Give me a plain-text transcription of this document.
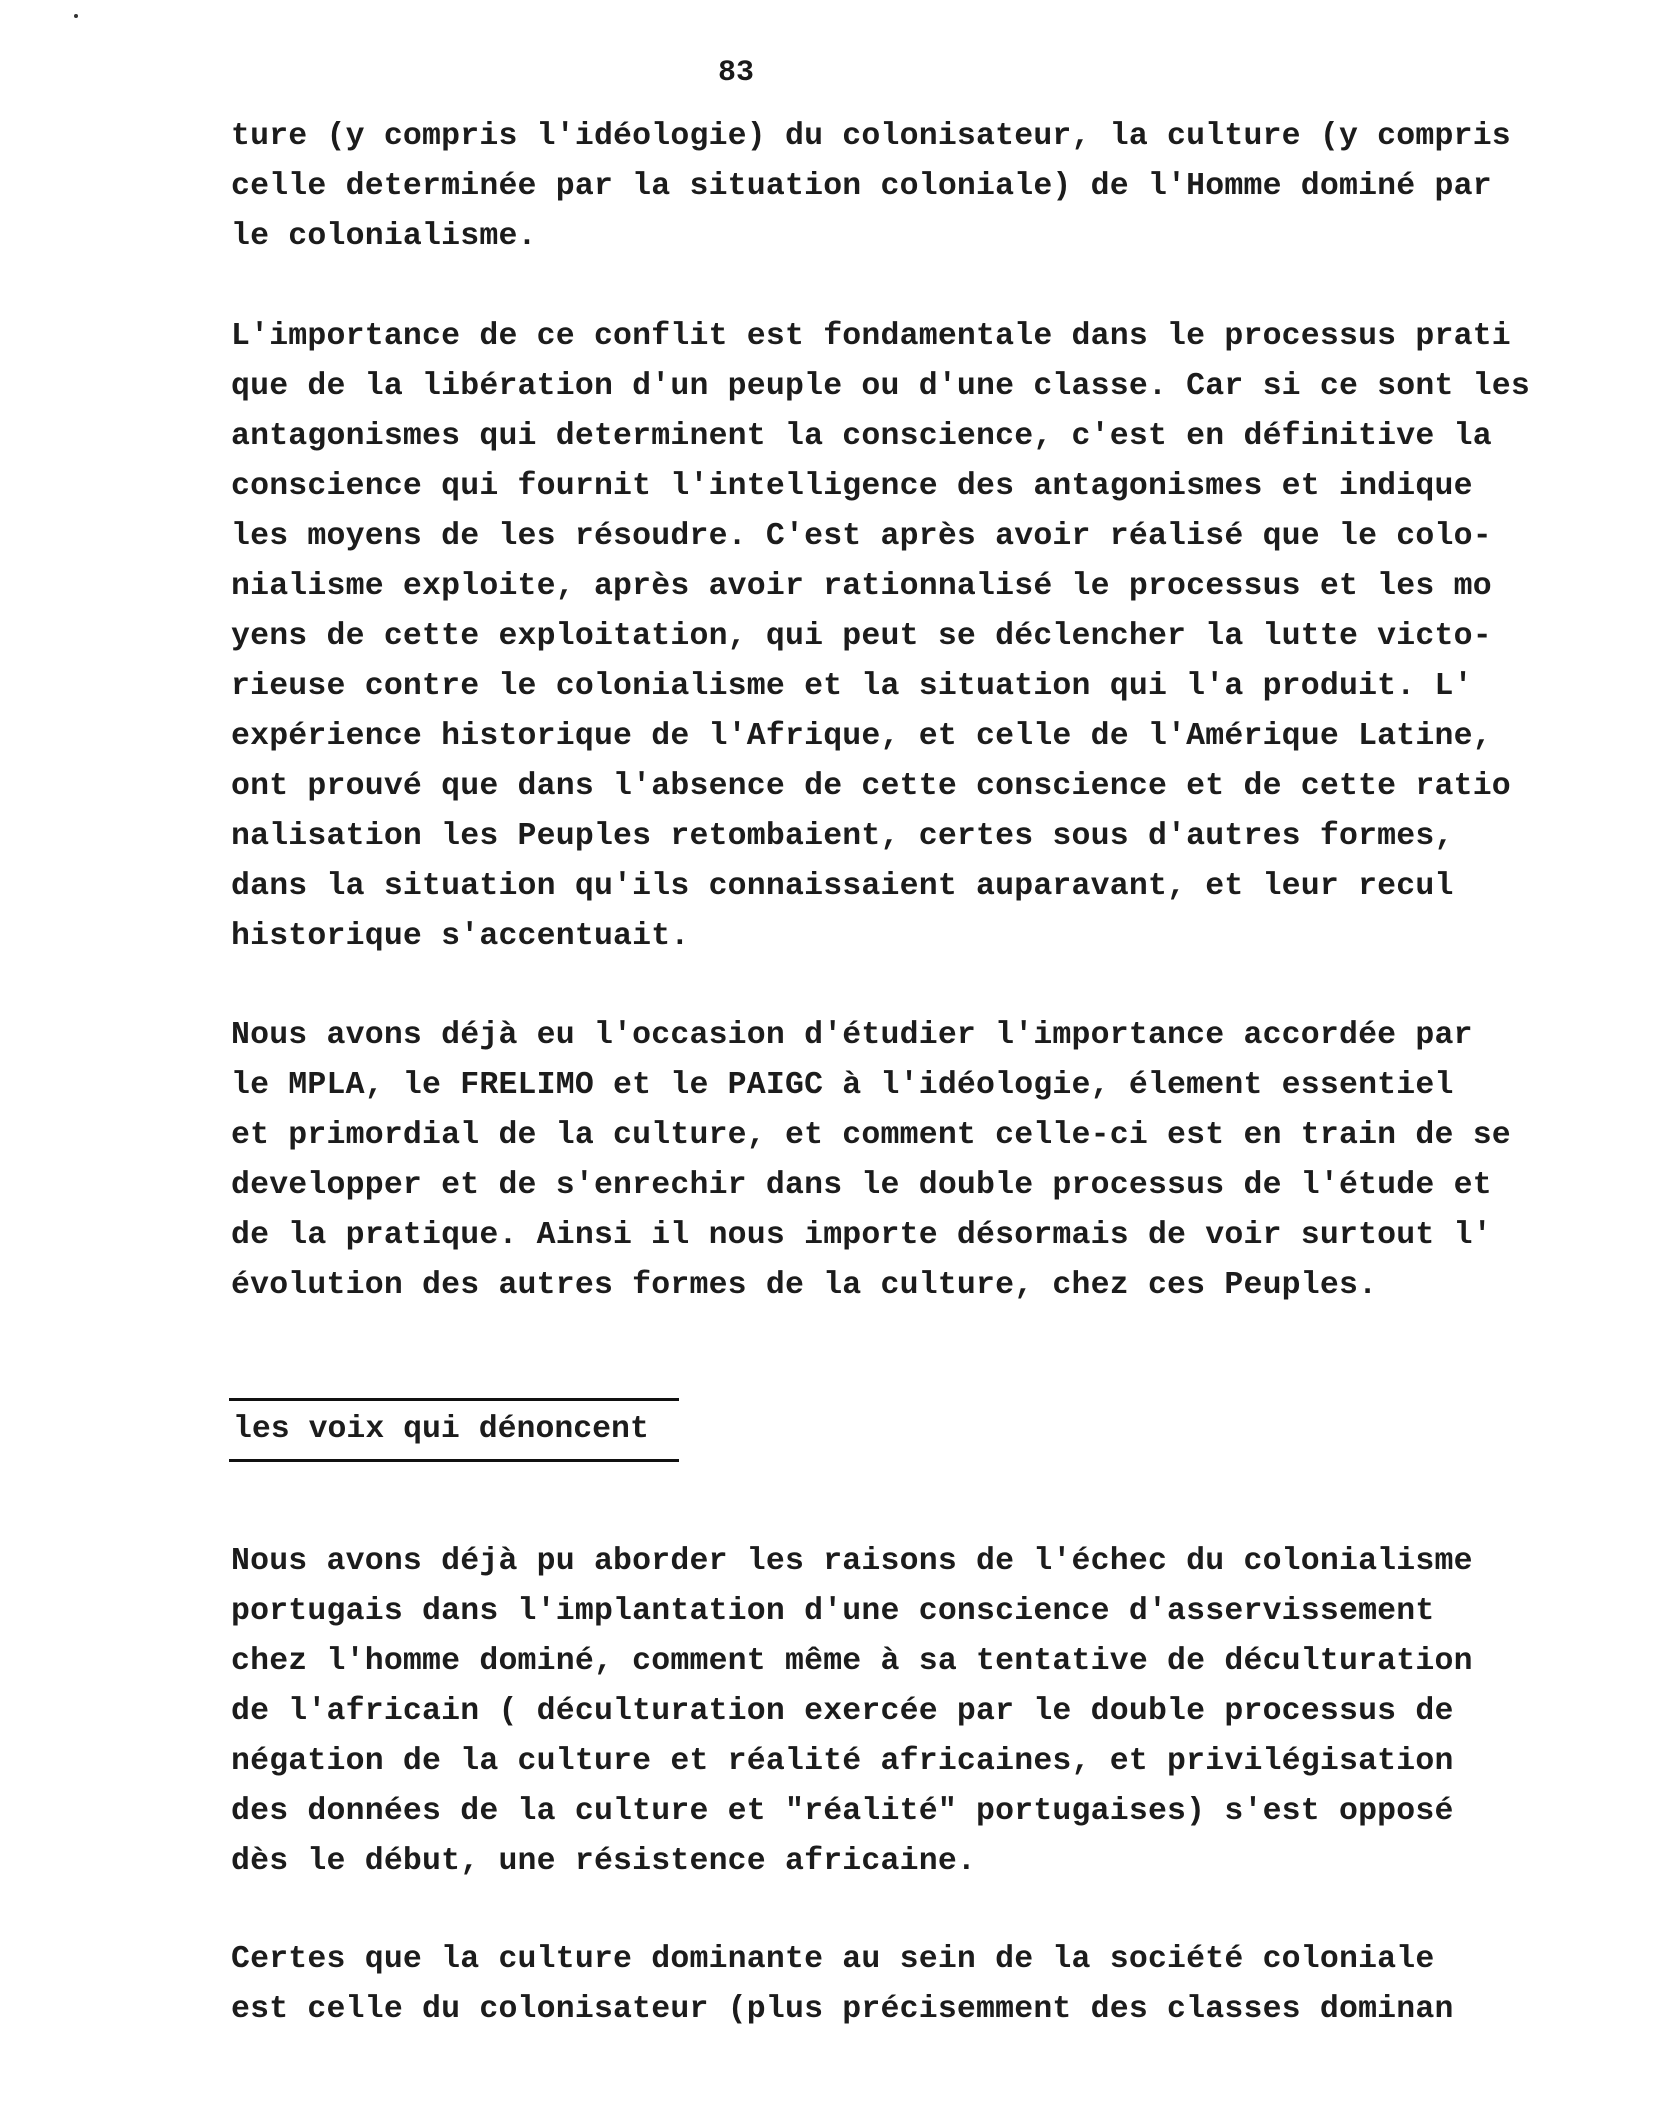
83
ture (y compris l'idéologie) du colonisateur, la culture (y compris
celle determinée par la situation coloniale) de l'Homme dominé par
le colonialisme.
L'importance de ce conflit est fondamentale dans le processus prati
que de la libération d'un peuple ou d'une classe. Car si ce sont les
antagonismes qui determinent la conscience, c'est en définitive la
conscience qui fournit l'intelligence des antagonismes et indique
les moyens de les résoudre. C'est après avoir réalisé que le colo-
nialisme exploite, après avoir rationnalisé le processus et les mo
yens de cette exploitation, qui peut se déclencher la lutte victo-
rieuse contre le colonialisme et la situation qui l'a produit. L'
expérience historique de l'Afrique, et celle de l'Amérique Latine,
ont prouvé que dans l'absence de cette conscience et de cette ratio
nalisation les Peuples retombaient, certes sous d'autres formes,
dans la situation qu'ils connaissaient auparavant, et leur recul
historique s'accentuait.
Nous avons déjà eu l'occasion d'étudier l'importance accordée par
le MPLA, le FRELIMO et le PAIGC à l'idéologie, élement essentiel
et primordial de la culture, et comment celle-ci est en train de se
developper et de s'enrechir dans le double processus de l'étude et
de la pratique. Ainsi il nous importe désormais de voir surtout l'
évolution des autres formes de la culture, chez ces Peuples.
les voix qui dénoncent
Nous avons déjà pu aborder les raisons de l'échec du colonialisme
portugais dans l'implantation d'une conscience d'asservissement
chez l'homme dominé, comment même à sa tentative de déculturation
de l'africain ( déculturation exercée par le double processus de
négation de la culture et réalité africaines, et privilégisation
des données de la culture et "réalité" portugaises) s'est opposé
dès le début, une résistence africaine.
Certes que la culture dominante au sein de la société coloniale
est celle du colonisateur (plus précisemment des classes dominan
